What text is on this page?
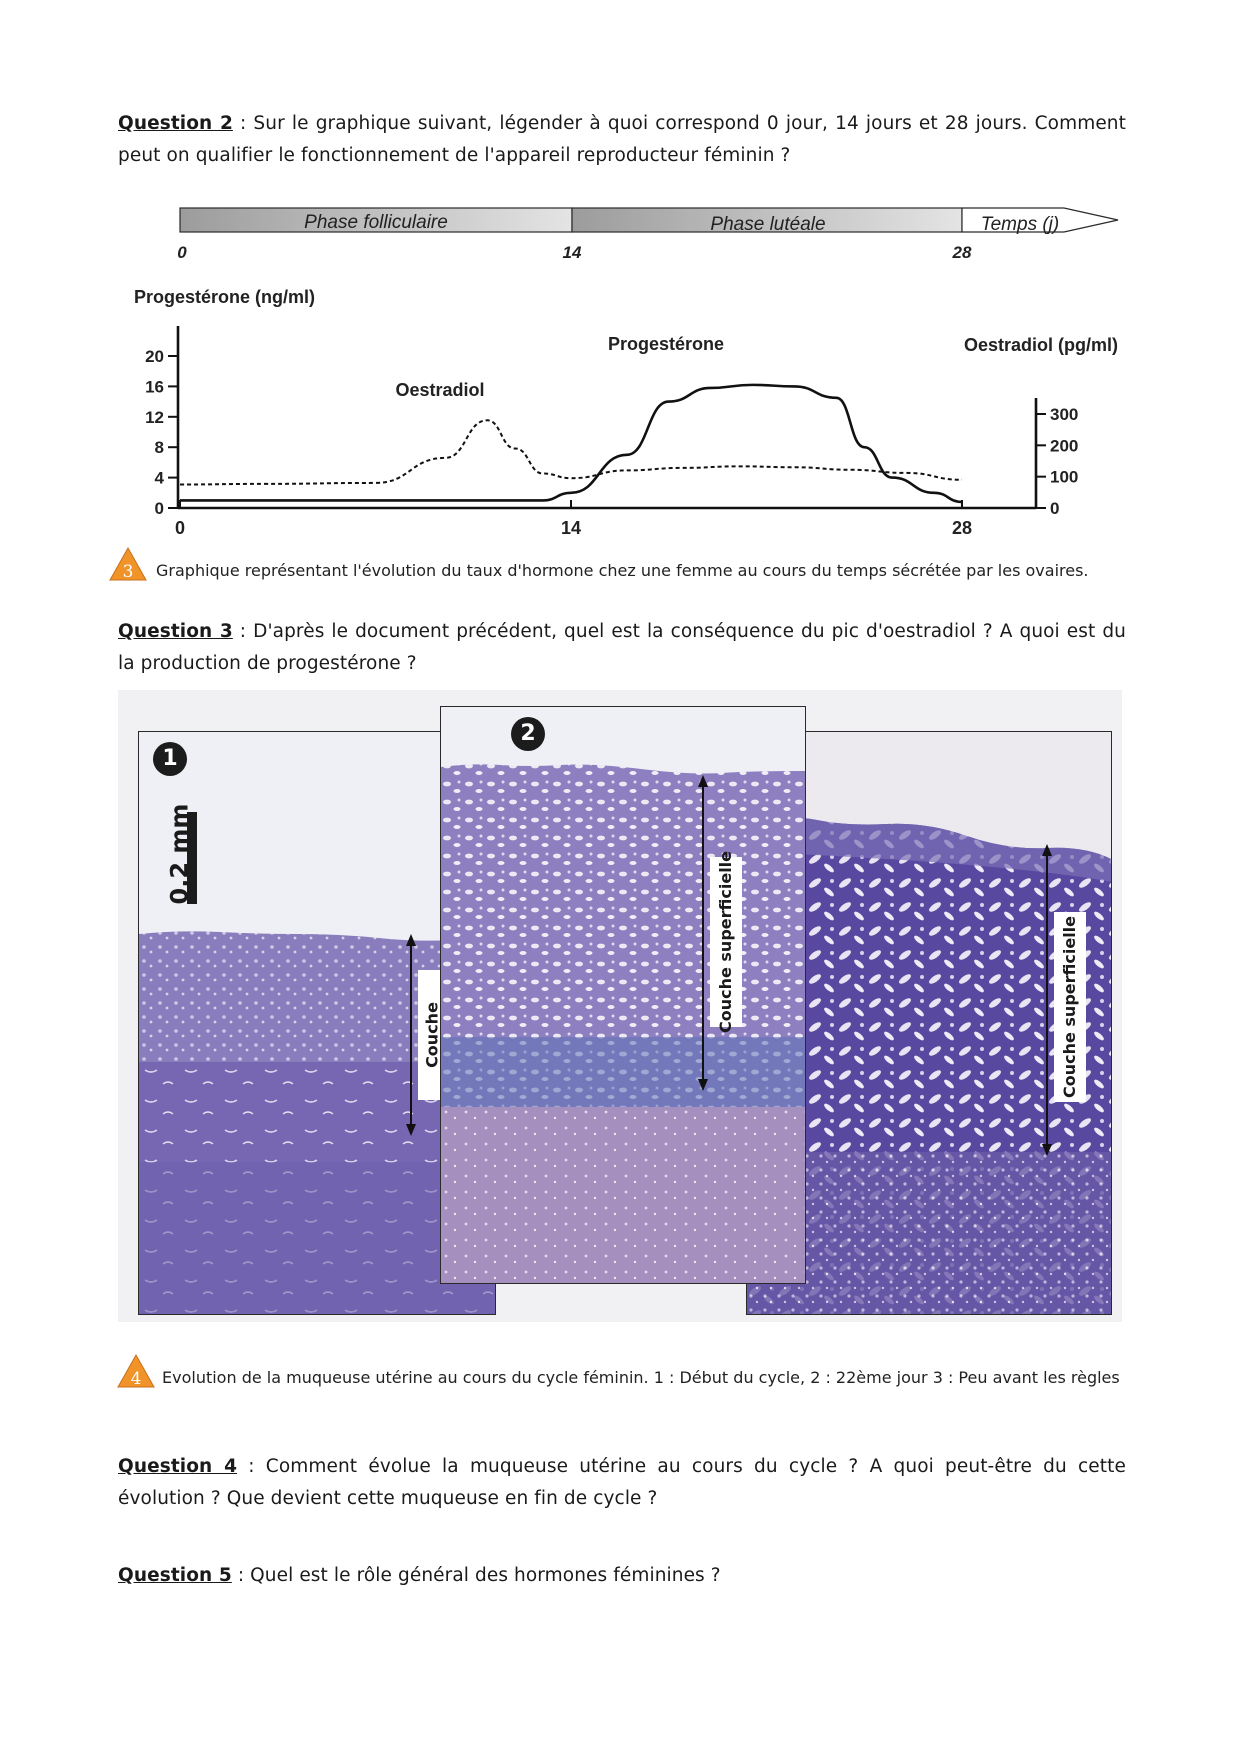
Question 2 : Sur le graphique suivant, légender à quoi correspond 0 jour, 14 jours et 28 jours. Comment peut on qualifier le fonctionnement de l'appareil reproducteur féminin ?

Phase folliculaire	Phase lutéale	Temps (j)
0	14	28
Progestérone (ng/ml)
Oestradiol (pg/ml)
0
4
8
12
16
20
0
100
200
300
0	14	28
Oestradiol
Progestérone
3 Graphique représentant l'évolution du taux d'hormone chez une femme au cours du temps sécrétée par les ovaires.

Question 3 : D'après le document précédent, quel est la conséquence du pic d'oestradiol ? A quoi est du la production de progestérone ?

Couche superficielle
1
0,2 mm
Couche
2
Couche superficielle
4	Evolution de la muqueuse utérine au cours du cycle féminin. 1 : Début du cycle, 2 : 22ème jour 3 : Peu avant les règles

Question 4 : Comment évolue la muqueuse utérine au cours du cycle ? A quoi peut-être du cette évolution ? Que devient cette muqueuse en fin de cycle ?

Question 5 : Quel est le rôle général des hormones féminines ?
